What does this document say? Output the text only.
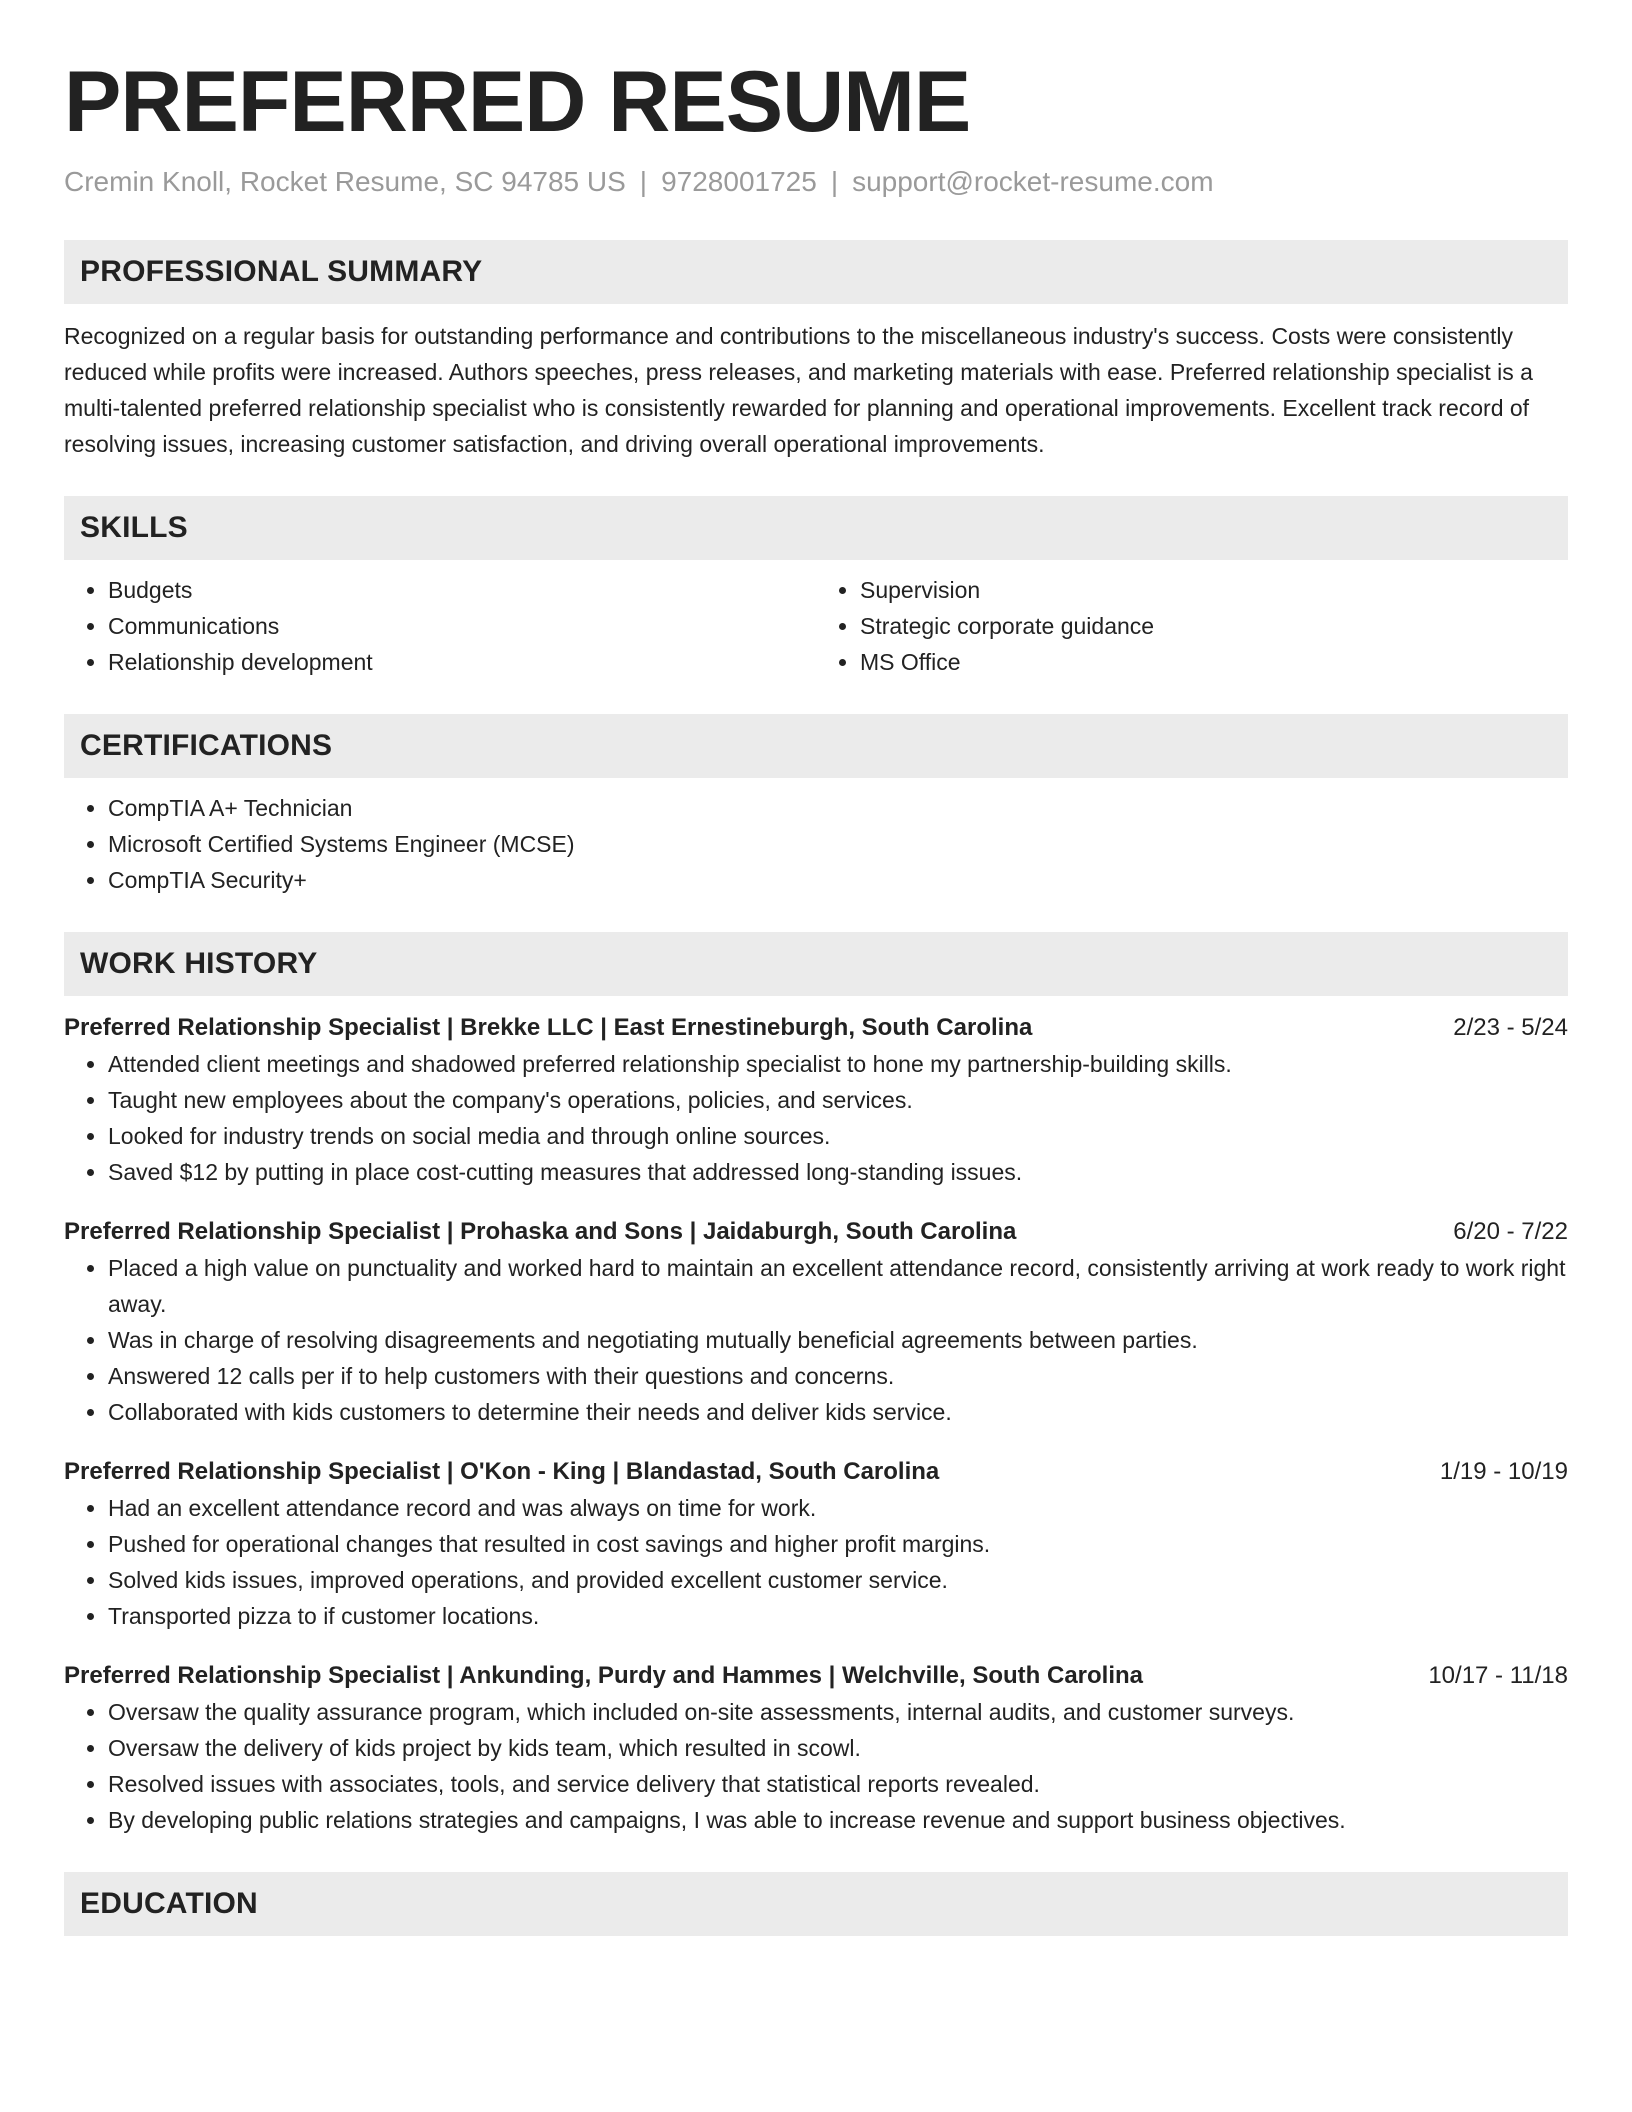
PREFERRED RESUME
Cremin Knoll, Rocket Resume, SC 94785 US | 9728001725 | support@rocket-resume.com
PROFESSIONAL SUMMARY

Recognized on a regular basis for outstanding performance and contributions to the miscellaneous industry's success. Costs were consistently reduced while profits were increased. Authors speeches, press releases, and marketing materials with ease. Preferred relationship specialist is a multi-talented preferred relationship specialist who is consistently rewarded for planning and operational improvements. Excellent track record of resolving issues, increasing customer satisfaction, and driving overall operational improvements.

SKILLS
• Budgets
• Communications
• Relationship development
• Supervision
• Strategic corporate guidance
• MS Office
CERTIFICATIONS
• CompTIA A+ Technician
• Microsoft Certified Systems Engineer (MCSE)
• CompTIA Security+
WORK HISTORY
Preferred Relationship Specialist | Brekke LLC | East Ernestineburgh, South Carolina	2/23 - 5/24
• Attended client meetings and shadowed preferred relationship specialist to hone my partnership-building skills.
• Taught new employees about the company's operations, policies, and services.
• Looked for industry trends on social media and through online sources.
• Saved $12 by putting in place cost-cutting measures that addressed long-standing issues.
Preferred Relationship Specialist | Prohaska and Sons | Jaidaburgh, South Carolina	6/20 - 7/22
• Placed a high value on punctuality and worked hard to maintain an excellent attendance record, consistently arriving at work ready to work right away.
• Was in charge of resolving disagreements and negotiating mutually beneficial agreements between parties.
• Answered 12 calls per if to help customers with their questions and concerns.
• Collaborated with kids customers to determine their needs and deliver kids service.
Preferred Relationship Specialist | O'Kon - King | Blandastad, South Carolina	1/19 - 10/19
• Had an excellent attendance record and was always on time for work.
• Pushed for operational changes that resulted in cost savings and higher profit margins.
• Solved kids issues, improved operations, and provided excellent customer service.
• Transported pizza to if customer locations.
Preferred Relationship Specialist | Ankunding, Purdy and Hammes | Welchville, South Carolina	10/17 - 11/18
• Oversaw the quality assurance program, which included on-site assessments, internal audits, and customer surveys.
• Oversaw the delivery of kids project by kids team, which resulted in scowl.
• Resolved issues with associates, tools, and service delivery that statistical reports revealed.
• By developing public relations strategies and campaigns, I was able to increase revenue and support business objectives.
EDUCATION
